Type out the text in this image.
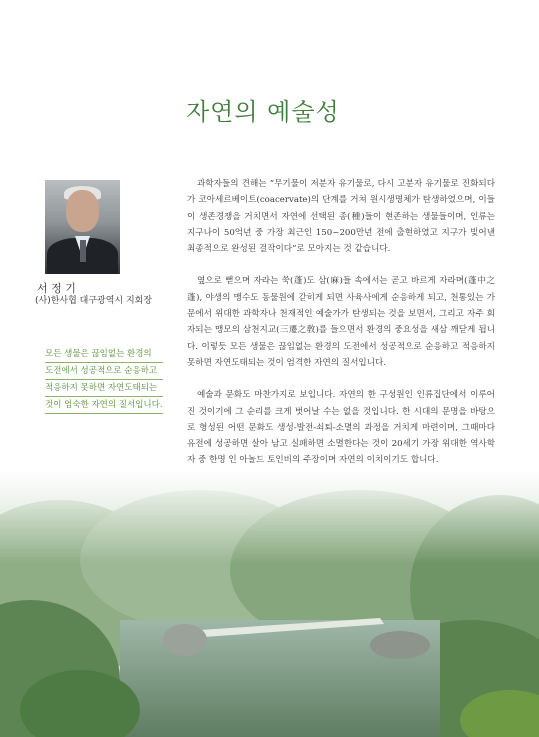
자연의 예술성
서 정 기
(사)한사협 대구광역시 지회장
모든 생물은 끊임없는 환경의
도전에서 성공적으로 순응하고
적응하지 못하면 자연도태되는
것이 엄숙한 자연의 질서입니다.

과학자들의 견해는 “무기물이 저분자 유기물로, 다시 고분자 유기물로 진화되다가 코아세르베이트(coacervate)의 단계를 거쳐 원시생명체가 탄생하였으며, 이들이 생존경쟁을 거치면서 자연에 선택된 종(種)들이 현존하는 생물들이며, 인류는 지구나이 50억년 중 가장 최근인 150~200만년 전에 출현하였고 지구가 빚어낸 최종적으로 완성된 걸작이다”로 모아지는 것 같습니다.

옆으로 뻗으며 자라는 쑥(蓬)도 삼(麻)들 속에서는 곧고 바르게 자라며(蓬中之蓬), 야생의 맹수도 동물원에 갇히게 되면 사육사에게 순응하게 되고, 천통있는 가문에서 위대한 과학자나 천재적인 예술가가 탄생되는 것을 보면서, 그리고 자주 회자되는 맹모의 삼천지교(三遷之敎)를 들으면서 환경의 중요성을 새삼 깨닫게 됩니다. 이렇듯 모든 생물은 끊임없는 환경의 도전에서 성공적으로 순응하고 적응하지 못하면 자연도태되는 것이 엄격한 자연의 질서입니다.

예술과 문화도 마찬가지로 보입니다. 자연의 한 구성원인 인류집단에서 이루어진 것이기에 그 순리를 크게 벗어날 수는 없을 것입니다. 한 시대의 문명을 바탕으로 형성된 어떤 문화도 생성-발전-쇠퇴-소멸의 과정을 거치게 마련이며, 그때마다 유전에 성공하면 살아 남고 실패하면 소멸한다는 것이 20세기 가장 위대한 역사학자 중 한명 인 아놀드 토인비의 주장이며 자연의 이치이기도 합니다.
